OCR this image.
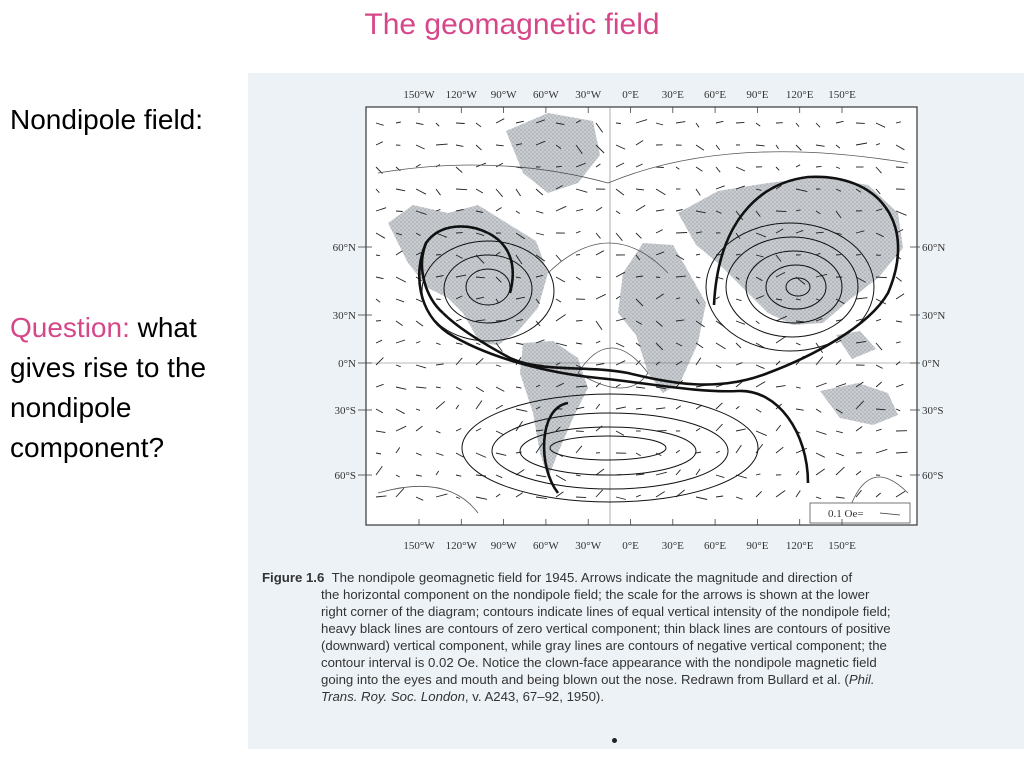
The geomagnetic field
Nondipole field:
Question: what gives rise to the nondipole component?
0.1 Oe=
150°W 120°W 90°W 60°W 30°W 0°E 30°E 60°E 90°E 120°E 150°E
150°W 120°W 90°W 60°W 30°W 0°E 30°E 60°E 90°E 120°E 150°E
60°N
30°N
0°N
30°S
60°S
60°N
30°N
0°N
30°S
60°S
Figure 1.6 The nondipole geomagnetic field for 1945. Arrows indicate the magnitude and direction of
the horizontal component on the nondipole field; the scale for the arrows is shown at the lower
right corner of the diagram; contours indicate lines of equal vertical intensity of the nondipole field;
heavy black lines are contours of zero vertical component; thin black lines are contours of positive
(downward) vertical component, while gray lines are contours of negative vertical component; the
contour interval is 0.02 Oe. Notice the clown-face appearance with the nondipole magnetic field
going into the eyes and mouth and being blown out the nose. Redrawn from Bullard et al. (Phil.
Trans. Roy. Soc. London, v. A243, 67–92, 1950).
